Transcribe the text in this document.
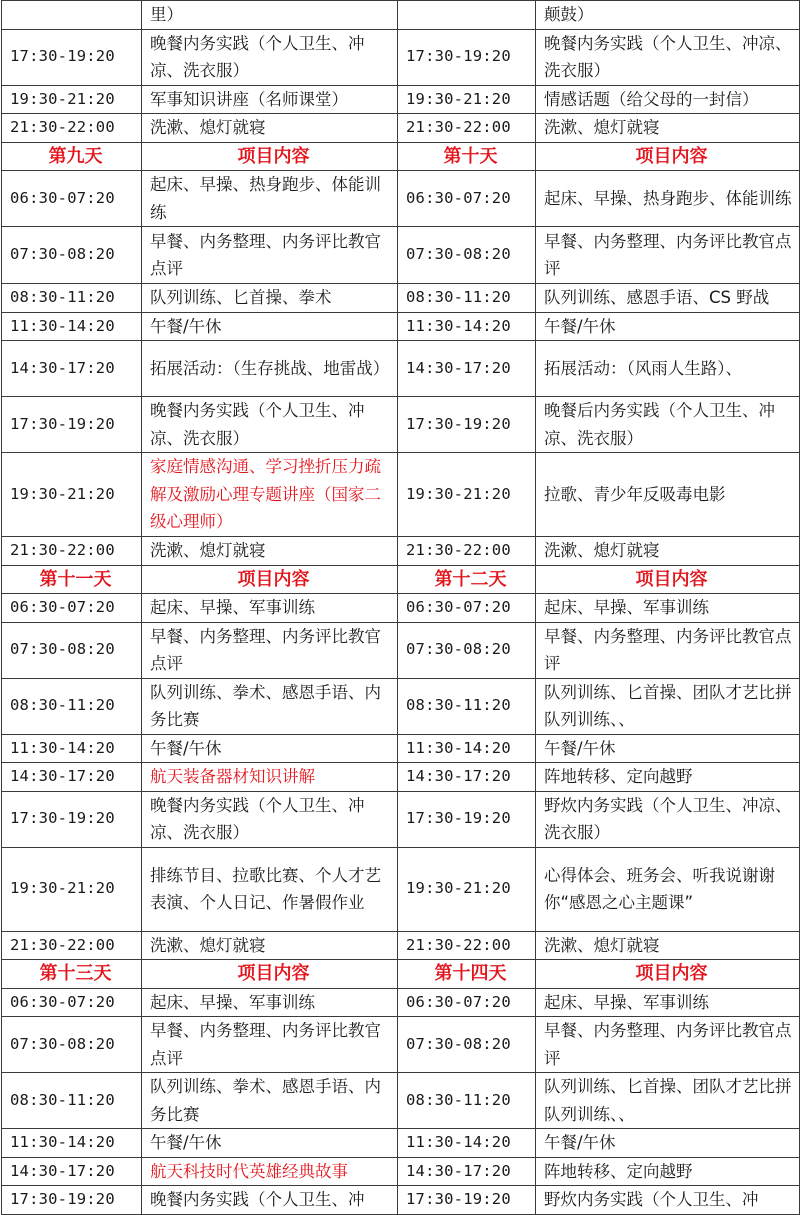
	里）		颠鼓）
17:30-19:20	晚餐内务实践（个人卫生、冲凉、洗衣服）	17:30-19:20	晚餐内务实践（个人卫生、冲凉、洗衣服）
19:30-21:20	军事知识讲座（名师课堂）	19:30-21:20	情感话题（给父母的一封信）
21:30-22:00	洗漱、熄灯就寝	21:30-22:00	洗漱、熄灯就寝
第九天	项目内容	第十天	项目内容
06:30-07:20	起床、早操、热身跑步、体能训练	06:30-07:20	起床、早操、热身跑步、体能训练
07:30-08:20	早餐、内务整理、内务评比教官点评	07:30-08:20	早餐、内务整理、内务评比教官点评
08:30-11:20	队列训练、匕首操、拳术	08:30-11:20	队列训练、感恩手语、CS 野战
11:30-14:20	午餐/午休	11:30-14:20	午餐/午休
14:30-17:20	拓展活动：（生存挑战、地雷战）	14:30-17:20	拓展活动：（风雨人生路）、
17:30-19:20	晚餐内务实践（个人卫生、冲凉、洗衣服）	17:30-19:20	晚餐后内务实践（个人卫生、冲凉、洗衣服）
19:30-21:20	家庭情感沟通、学习挫折压力疏解及激励心理专题讲座（国家二级心理师）	19:30-21:20	拉歌、青少年反吸毒电影
21:30-22:00	洗漱、熄灯就寝	21:30-22:00	洗漱、熄灯就寝
第十一天	项目内容	第十二天	项目内容
06:30-07:20	起床、早操、军事训练	06:30-07:20	起床、早操、军事训练
07:30-08:20	早餐、内务整理、内务评比教官点评	07:30-08:20	早餐、内务整理、内务评比教官点评
08:30-11:20	队列训练、拳术、感恩手语、内务比赛	08:30-11:20	队列训练、匕首操、团队才艺比拼队列训练、、
11:30-14:20	午餐/午休	11:30-14:20	午餐/午休
14:30-17:20	航天装备器材知识讲解	14:30-17:20	阵地转移、定向越野
17:30-19:20	晚餐内务实践（个人卫生、冲凉、洗衣服）	17:30-19:20	野炊内务实践（个人卫生、冲凉、洗衣服）
19:30-21:20	排练节目、拉歌比赛、个人才艺表演、个人日记、作暑假作业	19:30-21:20	心得体会、班务会、听我说谢谢你“感恩之心主题课”
21:30-22:00	洗漱、熄灯就寝	21:30-22:00	洗漱、熄灯就寝
第十三天	项目内容	第十四天	项目内容
06:30-07:20	起床、早操、军事训练	06:30-07:20	起床、早操、军事训练
07:30-08:20	早餐、内务整理、内务评比教官点评	07:30-08:20	早餐、内务整理、内务评比教官点评
08:30-11:20	队列训练、拳术、感恩手语、内务比赛	08:30-11:20	队列训练、匕首操、团队才艺比拼队列训练、、
11:30-14:20	午餐/午休	11:30-14:20	午餐/午休
14:30-17:20	航天科技时代英雄经典故事	14:30-17:20	阵地转移、定向越野
17:30-19:20	晚餐内务实践（个人卫生、冲	17:30-19:20	野炊内务实践（个人卫生、冲
